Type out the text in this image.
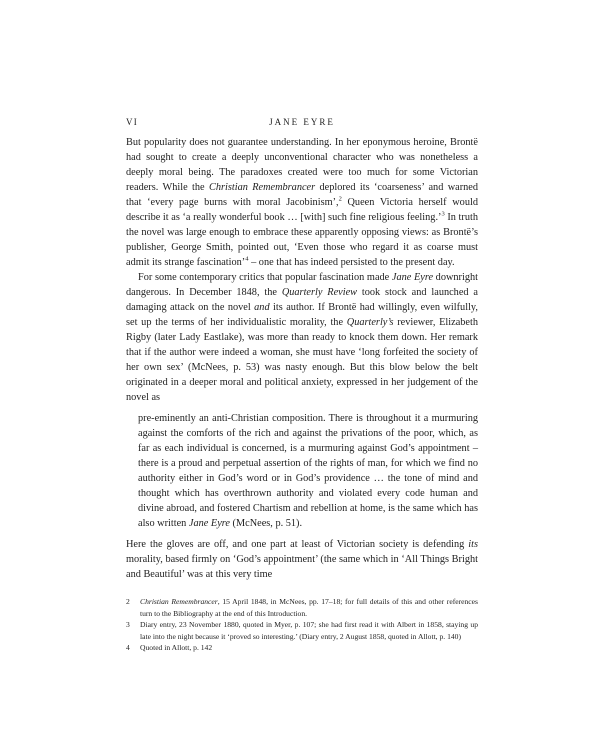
VI	JANE EYRE

But popularity does not guarantee understanding. In her eponymous heroine, Brontë had sought to create a deeply unconventional character who was nonetheless a deeply moral being. The paradoxes created were too much for some Victorian readers. While the Christian Remembrancer deplored its ‘coarseness’ and warned that ‘every page burns with moral Jacobinism’,$^2$ Queen Victoria herself would describe it as ‘a really wonderful book … [with] such fine religious feeling.’$^3$ In truth the novel was large enough to embrace these apparently opposing views: as Brontë’s publisher, George Smith, pointed out, ‘Even those who regard it as coarse must admit its strange fascination’$^4$ – one that has indeed persisted to the present day.

For some contemporary critics that popular fascination made Jane Eyre downright dangerous. In December 1848, the Quarterly Review took stock and launched a damaging attack on the novel and its author. If Brontë had willingly, even wilfully, set up the terms of her individualistic morality, the Quarterly’s reviewer, Elizabeth Rigby (later Lady Eastlake), was more than ready to knock them down. Her remark that if the author were indeed a woman, she must have ‘long forfeited the society of her own sex’ (McNees, p. 53) was nasty enough. But this blow below the belt originated in a deeper moral and political anxiety, expressed in her judgement of the novel as

pre-eminently an anti-Christian composition. There is throughout it a murmuring against the comforts of the rich and against the privations of the poor, which, as far as each individual is concerned, is a murmuring against God’s appointment – there is a proud and perpetual assertion of the rights of man, for which we find no authority either in God’s word or in God’s providence … the tone of mind and thought which has overthrown authority and violated every code human and divine abroad, and fostered Chartism and rebellion at home, is the same which has also written Jane Eyre (McNees, p. 51).

Here the gloves are off, and one part at least of Victorian society is defending its morality, based firmly on ‘God’s appointment’ (the same which in ‘All Things Bright and Beautiful’ was at this very time

2 Christian Remembrancer, 15 April 1848, in McNees, pp. 17–18; for full details of this and other references turn to the Bibliography at the end of this Introduction.

3 Diary entry, 23 November 1880, quoted in Myer, p. 107; she had first read it with Albert in 1858, staying up late into the night because it ‘proved so interesting.’ (Diary entry, 2 August 1858, quoted in Allott, p. 140)

4 Quoted in Allott, p. 142
